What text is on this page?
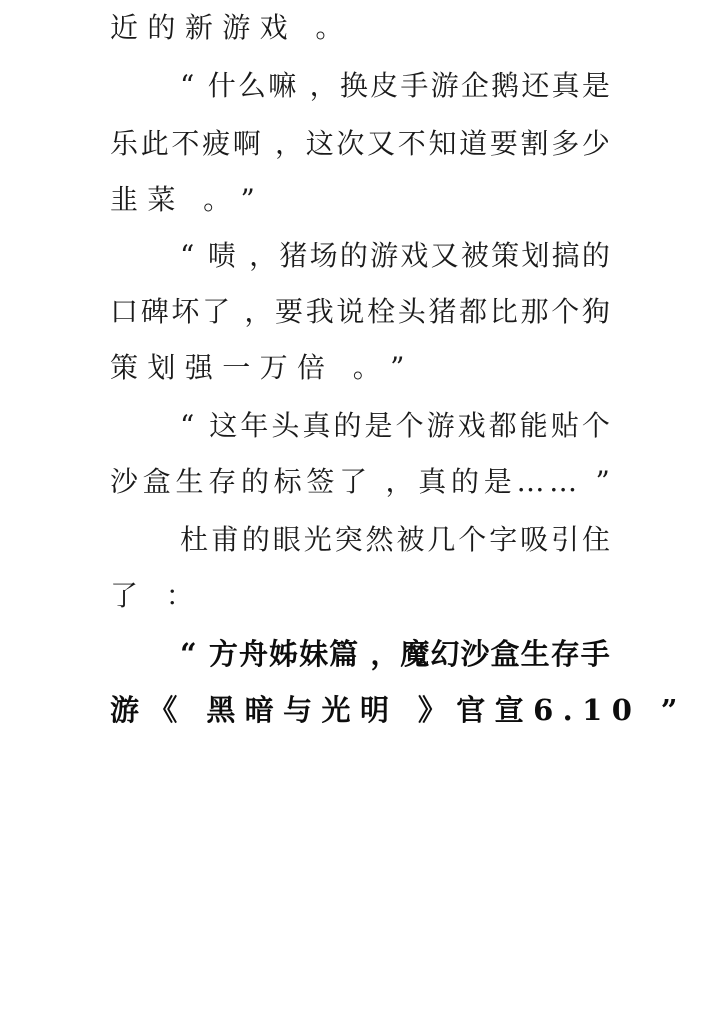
近 的 新 游 戏
。
“
什 么 嘛
， 换 皮 手 游 企 鹅 还 真 是
乐 此 不 疲 啊
， 这 次 又 不 知 道 要 割 多 少
韭 菜
。 ”
“
啧
， 猪 场 的 游 戏 又 被 策 划 搞 的
口 碑 坏 了
， 要 我 说 栓 头 猪 都 比 那 个 狗
策 划 强 一 万 倍
。 ”
“
这 年 头 真 的 是 个 游 戏 都 能 贴 个
沙 盒 生 存 的 标 签 了
， 真 的 是 … …
”
杜 甫 的 眼 光 突 然 被 几 个 字 吸 引 住
了
：
“
方 舟 姊 妹 篇
， 魔 幻 沙 盒 生 存 手
游 《
黑 暗 与 光 明
》 官 宣 6 . 1 0
”
